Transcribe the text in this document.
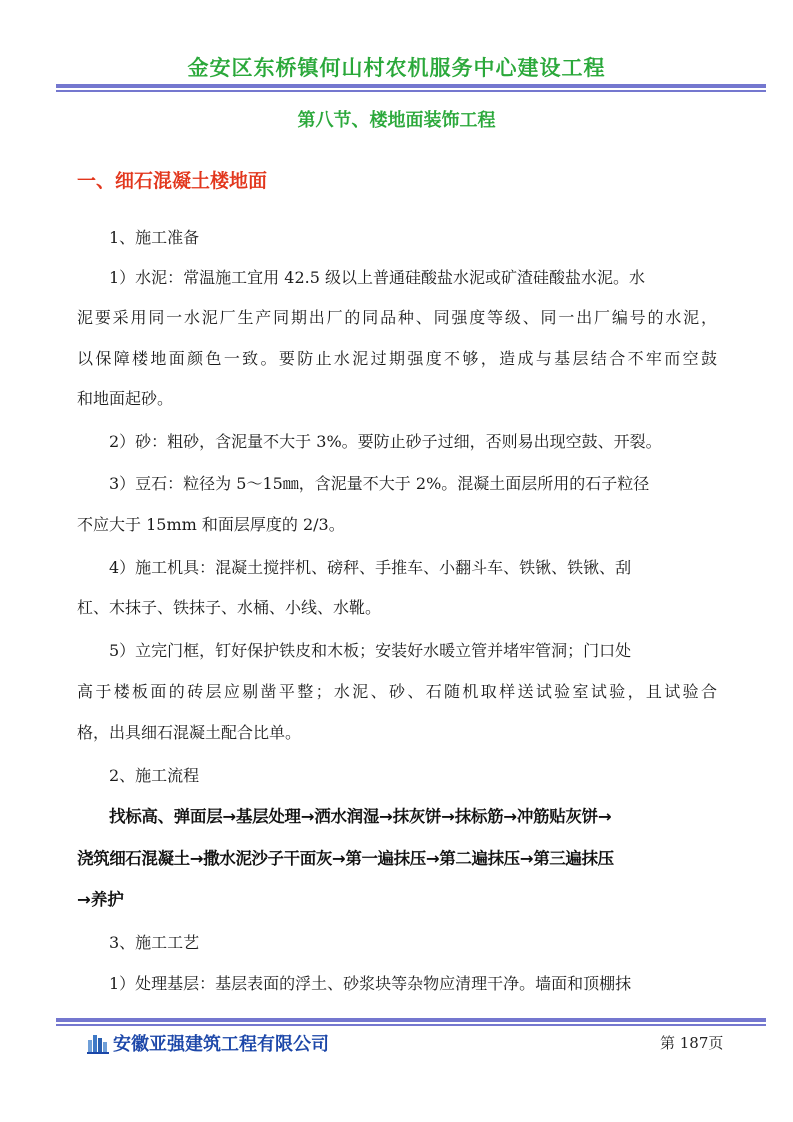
金安区东桥镇何山村农机服务中心建设工程
第八节、楼地面装饰工程
一、细石混凝土楼地面
1、施工准备
1）水泥：常温施工宜用 42.5 级以上普通硅酸盐水泥或矿渣硅酸盐水泥。水
泥要采用同一水泥厂生产同期出厂的同品种、同强度等级、同一出厂编号的水泥，
以保障楼地面颜色一致。要防止水泥过期强度不够，造成与基层结合不牢而空鼓
和地面起砂。
2）砂：粗砂，含泥量不大于 3%。要防止砂子过细，否则易出现空鼓、开裂。
3）豆石：粒径为 5～15㎜，含泥量不大于 2%。混凝土面层所用的石子粒径
不应大于 15mm 和面层厚度的 2/3。
4）施工机具：混凝土搅拌机、磅秤、手推车、小翻斗车、铁锹、铁锹、刮
杠、木抹子、铁抹子、水桶、小线、水靴。
5）立完门框，钉好保护铁皮和木板；安装好水暖立管并堵牢管洞；门口处
高于楼板面的砖层应剔凿平整；水泥、砂、石随机取样送试验室试验，且试验合
格，出具细石混凝土配合比单。
2、施工流程
找标高、弹面层→基层处理→洒水润湿→抹灰饼→抹标筋→冲筋贴灰饼→
浇筑细石混凝土→撒水泥沙子干面灰→第一遍抹压→第二遍抹压→第三遍抹压
→养护
3、施工工艺
1）处理基层：基层表面的浮土、砂浆块等杂物应清理干净。墙面和顶棚抹
安徽亚强建筑工程有限公司	第 187页
